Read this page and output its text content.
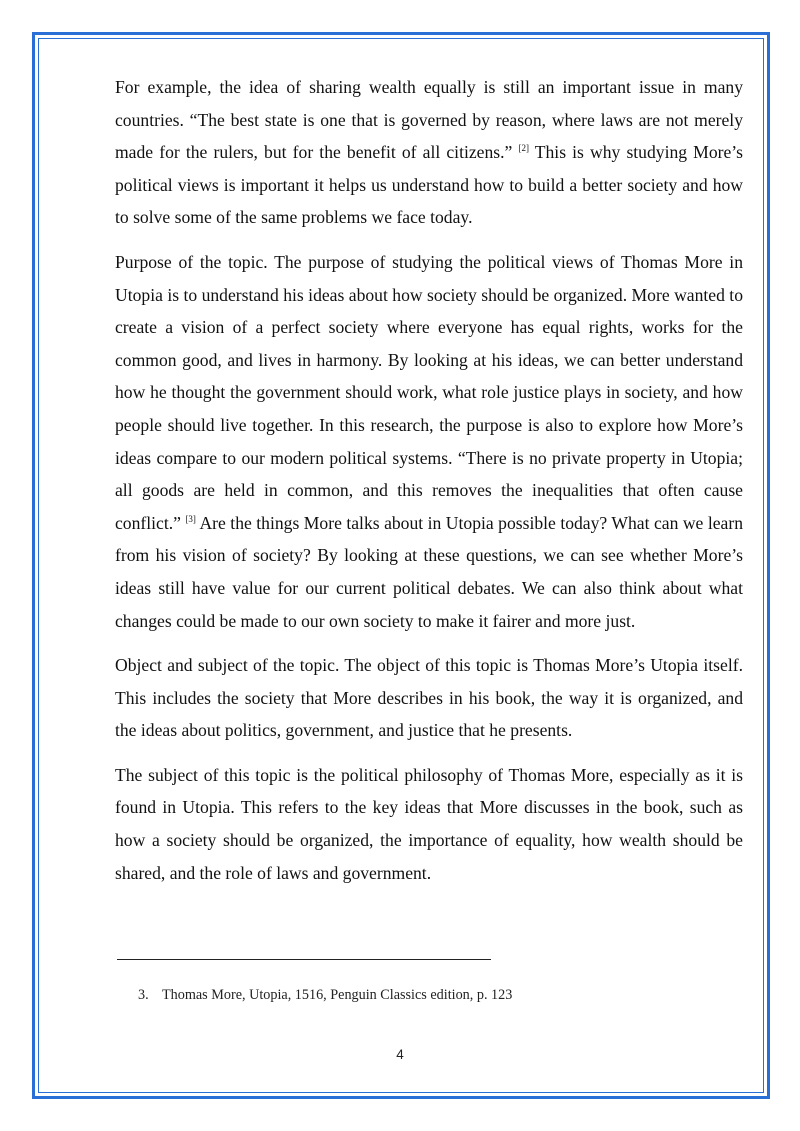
For example, the idea of sharing wealth equally is still an important issue in many countries. “The best state is one that is governed by reason, where laws are not merely made for the rulers, but for the benefit of all citizens.” [2] This is why studying More’s political views is important it helps us understand how to build a better society and how to solve some of the same problems we face today.

Purpose of the topic. The purpose of studying the political views of Thomas More in Utopia is to understand his ideas about how society should be organized. More wanted to create a vision of a perfect society where everyone has equal rights, works for the common good, and lives in harmony. By looking at his ideas, we can better understand how he thought the government should work, what role justice plays in society, and how people should live together. In this research, the purpose is also to explore how More’s ideas compare to our modern political systems. “There is no private property in Utopia; all goods are held in common, and this removes the inequalities that often cause conflict.” [3] Are the things More talks about in Utopia possible today? What can we learn from his vision of society? By looking at these questions, we can see whether More’s ideas still have value for our current political debates. We can also think about what changes could be made to our own society to make it fairer and more just.

Object and subject of the topic. The object of this topic is Thomas More’s Utopia itself. This includes the society that More describes in his book, the way it is organized, and the ideas about politics, government, and justice that he presents.

The subject of this topic is the political philosophy of Thomas More, especially as it is found in Utopia. This refers to the key ideas that More discusses in the book, such as how a society should be organized, the importance of equality, how wealth should be shared, and the role of laws and government.

3. Thomas More, Utopia, 1516, Penguin Classics edition, p. 123
4
